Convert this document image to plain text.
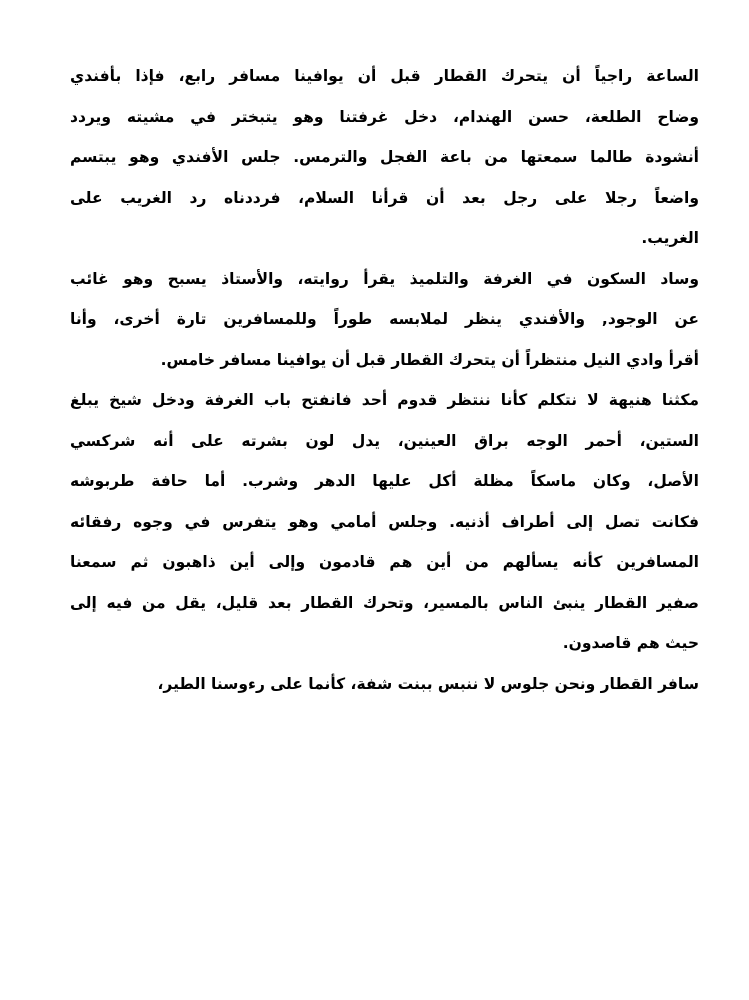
الساعة راجياً أن يتحرك القطار قبل أن يوافينا مسافر رابع، فإذا بأفندي
وضاح الطلعة، حسن الهندام، دخل غرفتنا وهو يتبختر في مشيته ويردد
أنشودة طالما سمعتها من باعة الفجل والترمس. جلس الأفندي وهو يبتسم
واضعاً رجلا على رجل بعد أن قرأنا السلام، فرددناه رد الغريب على
الغريب.
وساد السكون في الغرفة والتلميذ يقرأ روايته، والأستاذ يسبح وهو غائب
عن الوجود, والأفندي ينظر لملابسه طوراً وللمسافرين تارة أخرى، وأنا
أقرأ وادي النيل منتظراً أن يتحرك القطار قبل أن يوافينا مسافر خامس.
مكثنا هنيهة لا نتكلم كأنا ننتظر قدوم أحد فانفتح باب الغرفة ودخل شيخ يبلغ
الستين، أحمر الوجه براق العينين، يدل لون بشرته على أنه شركسي
الأصل، وكان ماسكاً مظلة أكل عليها الدهر وشرب. أما حافة طربوشه
فكانت تصل إلى أطراف أذنيه. وجلس أمامي وهو يتفرس في وجوه رفقائه
المسافرين كأنه يسألهم من أين هم قادمون وإلى أين ذاهبون ثم سمعنا
صفير القطار ينبئ الناس بالمسير، وتحرك القطار بعد قليل، يقل من فيه إلى
حيث هم قاصدون.
سافر القطار ونحن جلوس لا ننبس ببنت شفة، كأنما على رءوسنا الطير،
